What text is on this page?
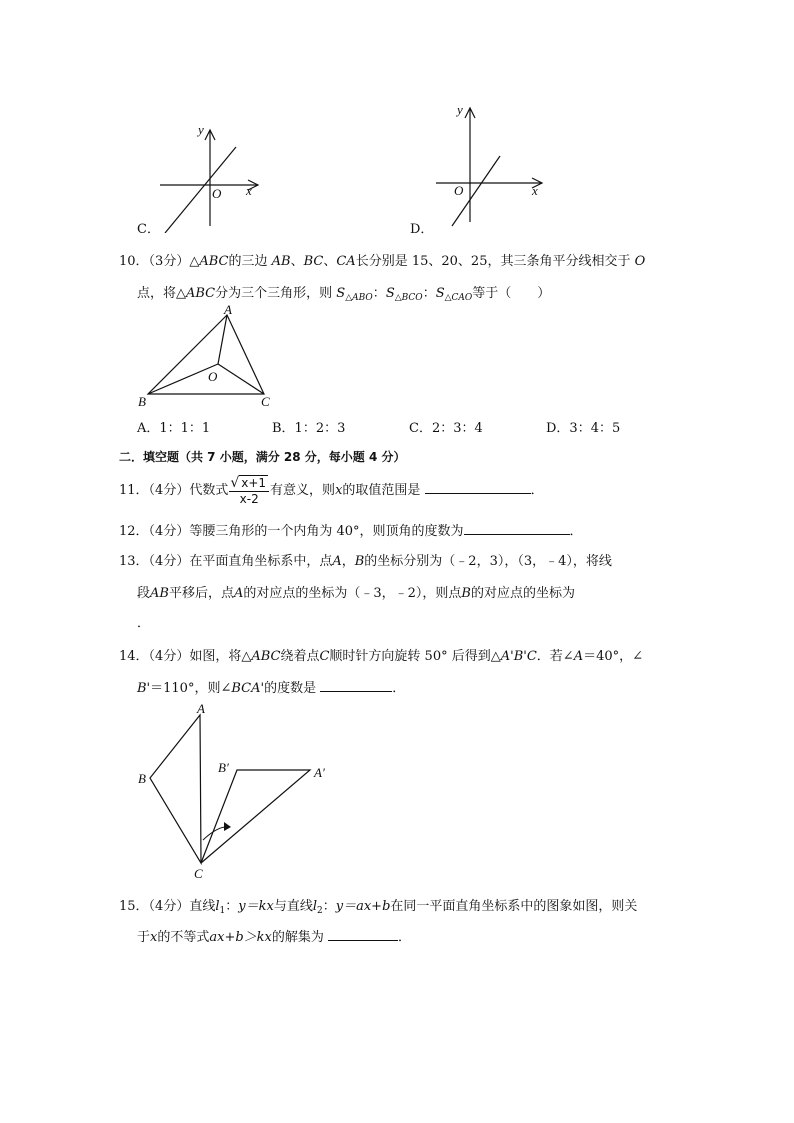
y
x
O
C．
y
x
O
D．
10．（3分）△ABC的三边 AB、BC、CA长分别是 15、20、25，其三条角平分线相交于 O
点，将△ABC分为三个三角形，则 $S_{\triangle ABO}$：$S_{\triangle BCO}$：$S_{\triangle CAO}$等于（　　）
A
B	C
O
A．1：1：1	B．1：2：3	C．2：3：4	D．3：4：5
二．填空题（共 7 小题，满分 28 分，每小题 4 分）
11．（4分）代数式 $\frac{√ x+1}{x-2}$ 有意义，则x的取值范围是	．
12．（4分）等腰三角形的一个内角为 40°，则顶角的度数为	．
13．（4分）在平面直角坐标系中，点A，B的坐标分别为（﹣2，3），（3，﹣4），将线
段AB平移后，点A的对应点的坐标为（﹣3，﹣2），则点B的对应点的坐标为
．
14．（4分）如图，将△ABC绕着点C顺时针方向旋转 50° 后得到△A'B'C．若∠A＝40°，∠
B'＝110°，则∠BCA'的度数是	．
A
B
C
B′	A′
15．（4分）直线$l_1$：y＝kx与直线$l_2$：y＝ax+b在同一平面直角坐标系中的图象如图，则关
于x的不等式ax+b＞kx的解集为	．
